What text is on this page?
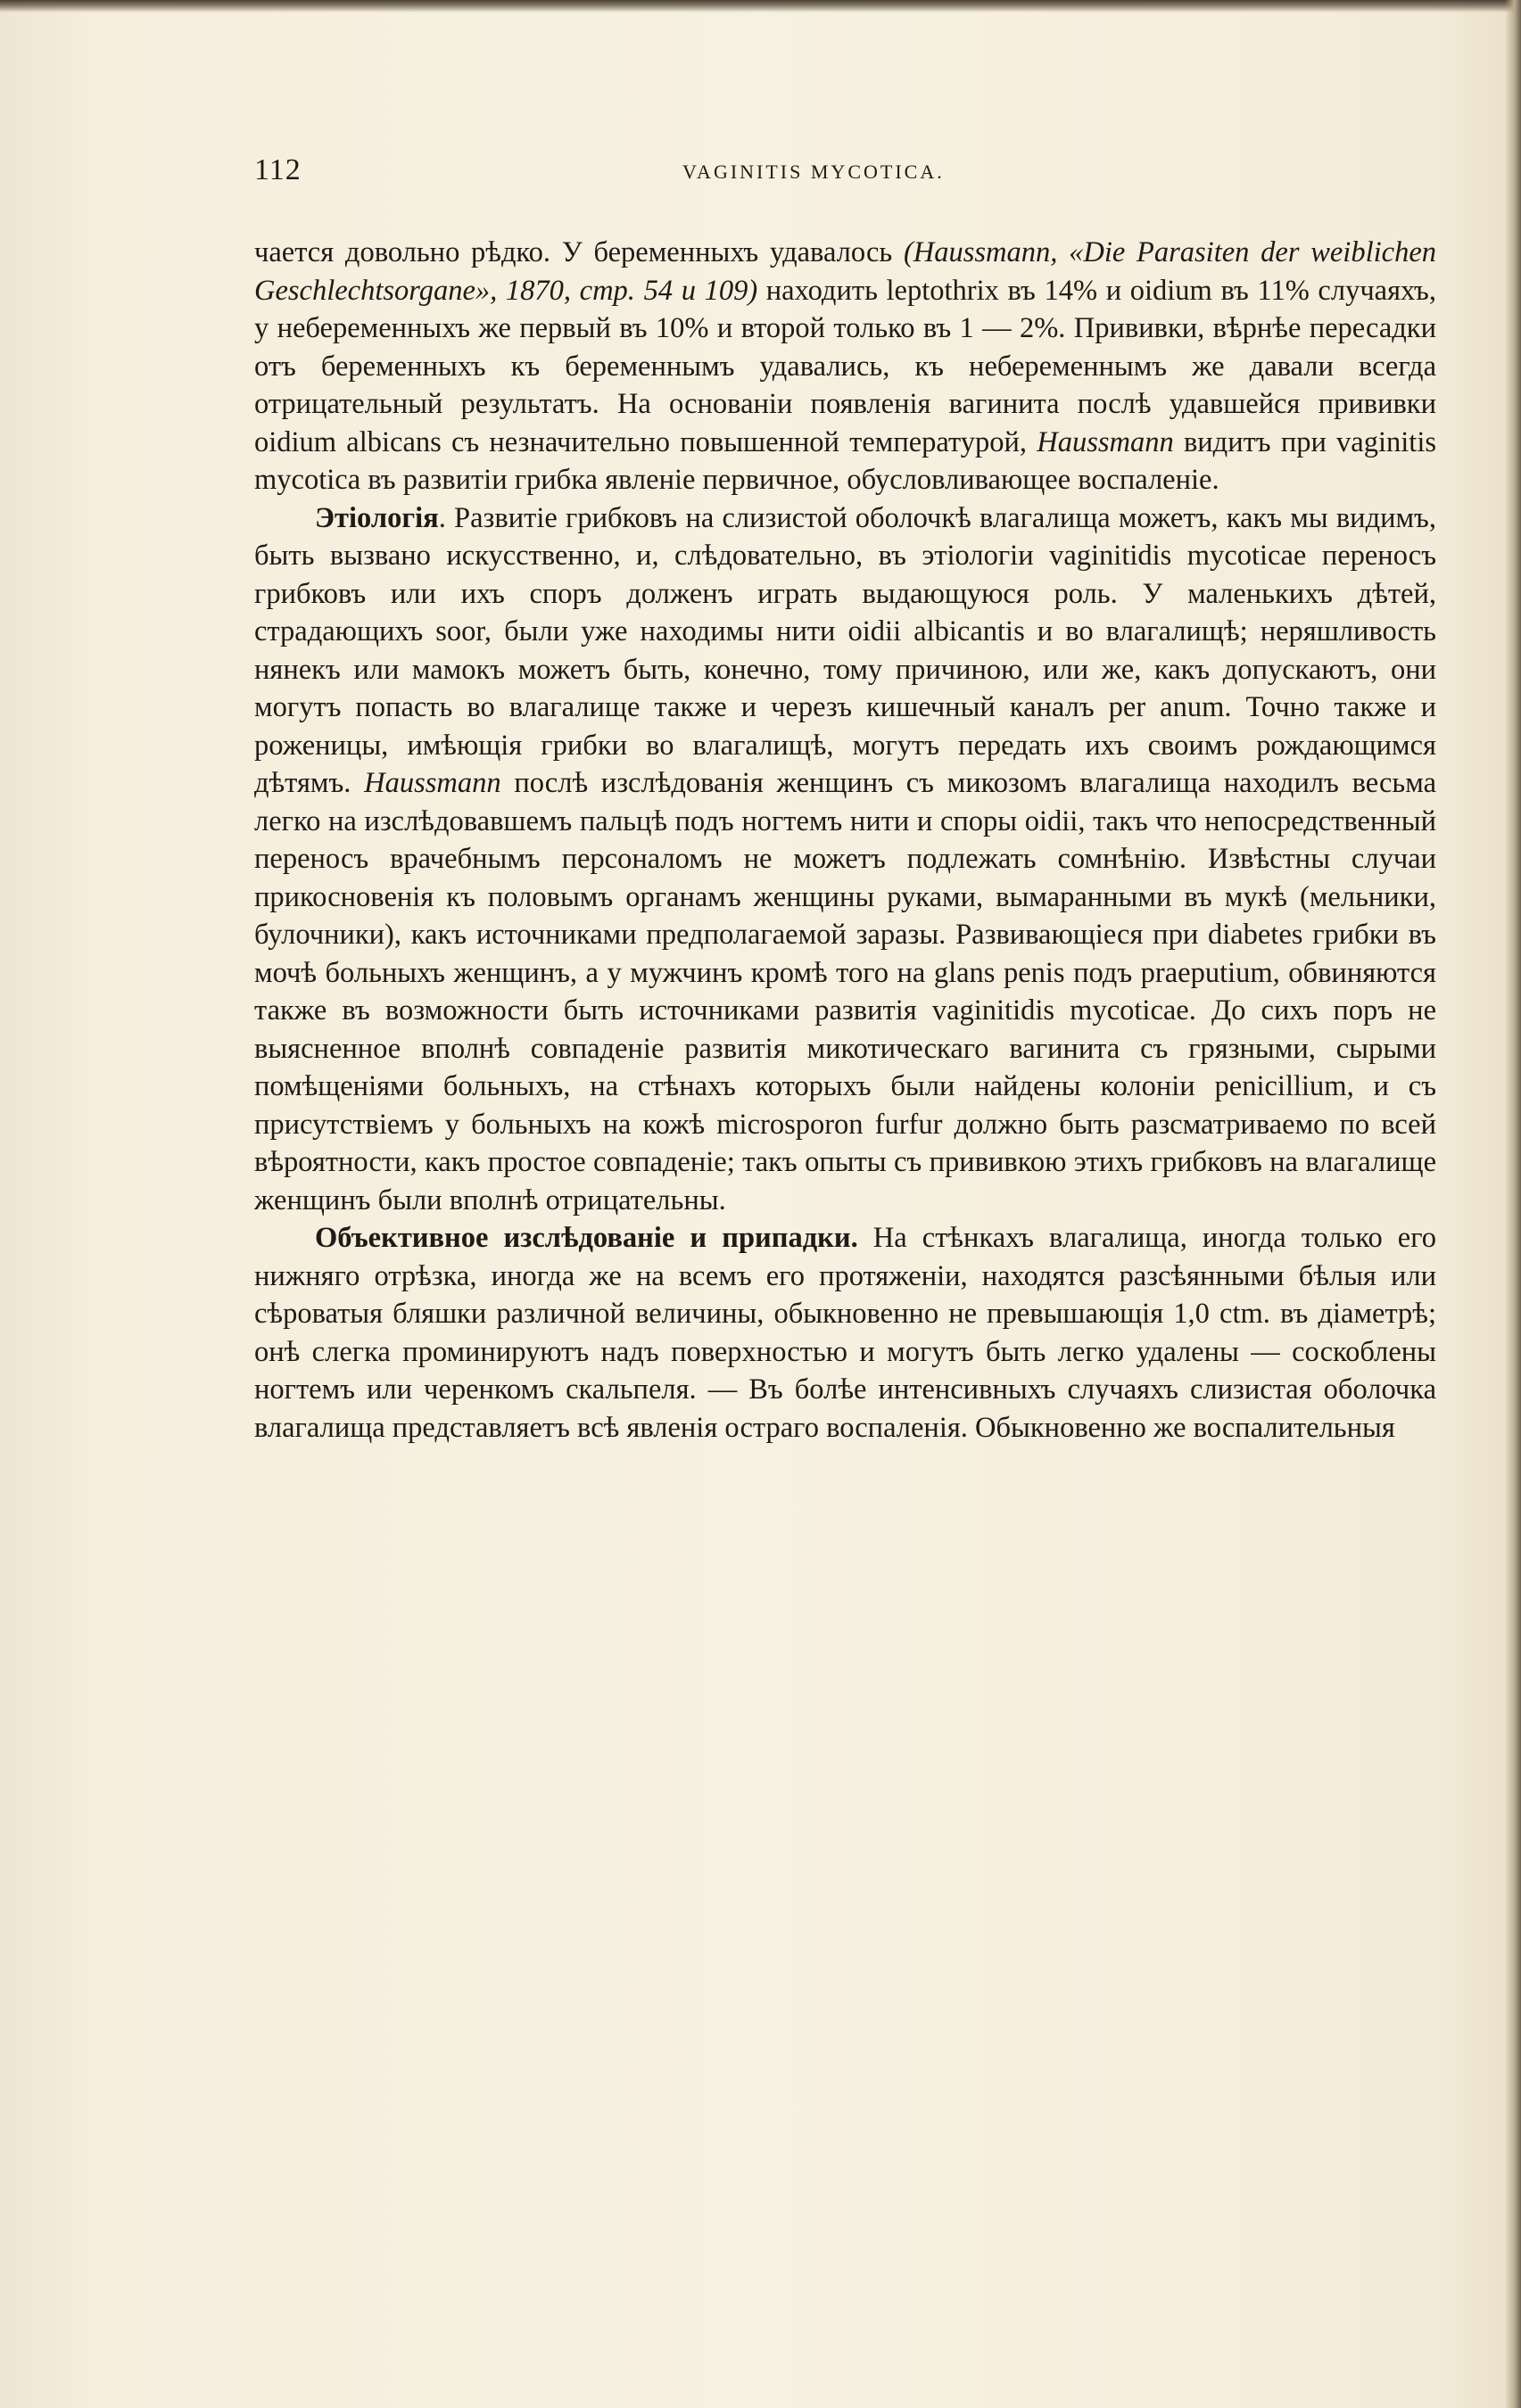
112	VAGINITIS MYCOTICA.

чается довольно рѣдко. У беременныхъ удавалось (Haussmann, «Die Parasiten der weiblichen Geschlechtsorgane», 1870, стр. 54 и 109) находить leptothrix въ 14% и oidium въ 11% случаяхъ, у небеременныхъ же первый въ 10% и второй только въ 1 — 2%. Прививки, вѣрнѣе пересадки отъ беременныхъ къ беременнымъ удавались, къ небеременнымъ же давали всегда отрицательный результатъ. На основаніи появленія вагинита послѣ удавшейся прививки oidium albicans съ незначительно повышенной температурой, Haussmann видитъ при vaginitis mycotica въ развитіи грибка явленіе первичное, обусловливающее воспаленіе.

Этіологія. Развитіе грибковъ на слизистой оболочкѣ влагалища можетъ, какъ мы видимъ, быть вызвано искусственно, и, слѣдовательно, въ этіологіи vaginitidis mycoticae переносъ грибковъ или ихъ споръ долженъ играть выдающуюся роль. У маленькихъ дѣтей, страдающихъ soor, были уже находимы нити oidii albicantis и во влагалищѣ; неряшливость нянекъ или мамокъ можетъ быть, конечно, тому причиною, или же, какъ допускаютъ, они могутъ попасть во влагалище также и черезъ кишечный каналъ per anum. Точно также и роженицы, имѣющія грибки во влагалищѣ, могутъ передать ихъ своимъ рождающимся дѣтямъ. Haussmann послѣ изслѣдованія женщинъ съ микозомъ влагалища находилъ весьма легко на изслѣдовавшемъ пальцѣ подъ ногтемъ нити и споры oidii, такъ что непосредственный переносъ врачебнымъ персоналомъ не можетъ подлежать сомнѣнію. Извѣстны случаи прикосновенія къ половымъ органамъ женщины руками, вымаранными въ мукѣ (мельники, булочники), какъ источниками предполагаемой заразы. Развивающіеся при diabetes грибки въ мочѣ больныхъ женщинъ, а у мужчинъ кромѣ того на glans penis подъ praeputium, обвиняются также въ возможности быть источниками развитія vaginitidis mycoticae. До сихъ поръ не выясненное вполнѣ совпаденіе развитія микотическаго вагинита съ грязными, сырыми помѣщеніями больныхъ, на стѣнахъ которыхъ были найдены колоніи penicillium, и съ присутствіемъ у больныхъ на кожѣ microsporon furfur должно быть разсматриваемо по всей вѣроятности, какъ простое совпаденіе; такъ опыты съ прививкою этихъ грибковъ на влагалище женщинъ были вполнѣ отрицательны.

Объективное изслѣдованіе и припадки. На стѣнкахъ влагалища, иногда только его нижняго отрѣзка, иногда же на всемъ его протяженіи, находятся разсѣянными бѣлыя или сѣроватыя бляшки различной величины, обыкновенно не превышающія 1,0 ctm. въ діаметрѣ; онѣ слегка проминируютъ надъ поверхностью и могутъ быть легко удалены — соскоблены ногтемъ или черенкомъ скальпеля. — Въ болѣе интенсивныхъ случаяхъ слизистая оболочка влагалища представляетъ всѣ явленія остраго воспаленія. Обыкновенно же воспалительныя
